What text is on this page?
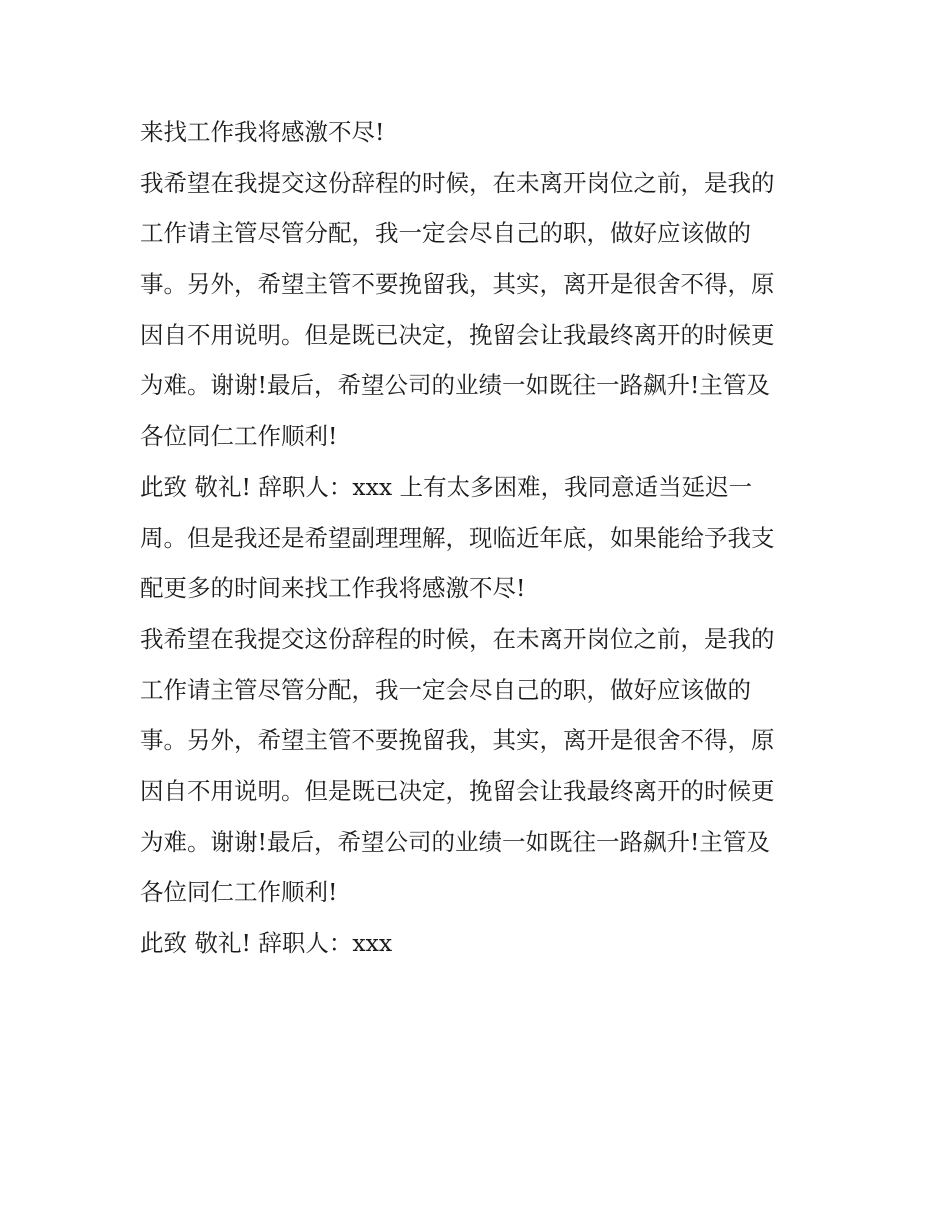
来找工作我将感激不尽!
我希望在我提交这份辞程的时候，在未离开岗位之前，是我的
工作请主管尽管分配，我一定会尽自己的职，做好应该做的
事。另外，希望主管不要挽留我，其实，离开是很舍不得，原
因自不用说明。但是既已决定，挽留会让我最终离开的时候更
为难。谢谢!最后，希望公司的业绩一如既往一路飙升!主管及
各位同仁工作顺利!
此致 敬礼! 辞职人：xxx 上有太多困难，我同意适当延迟一
周。但是我还是希望副理理解，现临近年底，如果能给予我支
配更多的时间来找工作我将感激不尽!
我希望在我提交这份辞程的时候，在未离开岗位之前，是我的
工作请主管尽管分配，我一定会尽自己的职，做好应该做的
事。另外，希望主管不要挽留我，其实，离开是很舍不得，原
因自不用说明。但是既已决定，挽留会让我最终离开的时候更
为难。谢谢!最后，希望公司的业绩一如既往一路飙升!主管及
各位同仁工作顺利!
此致 敬礼! 辞职人：xxx
